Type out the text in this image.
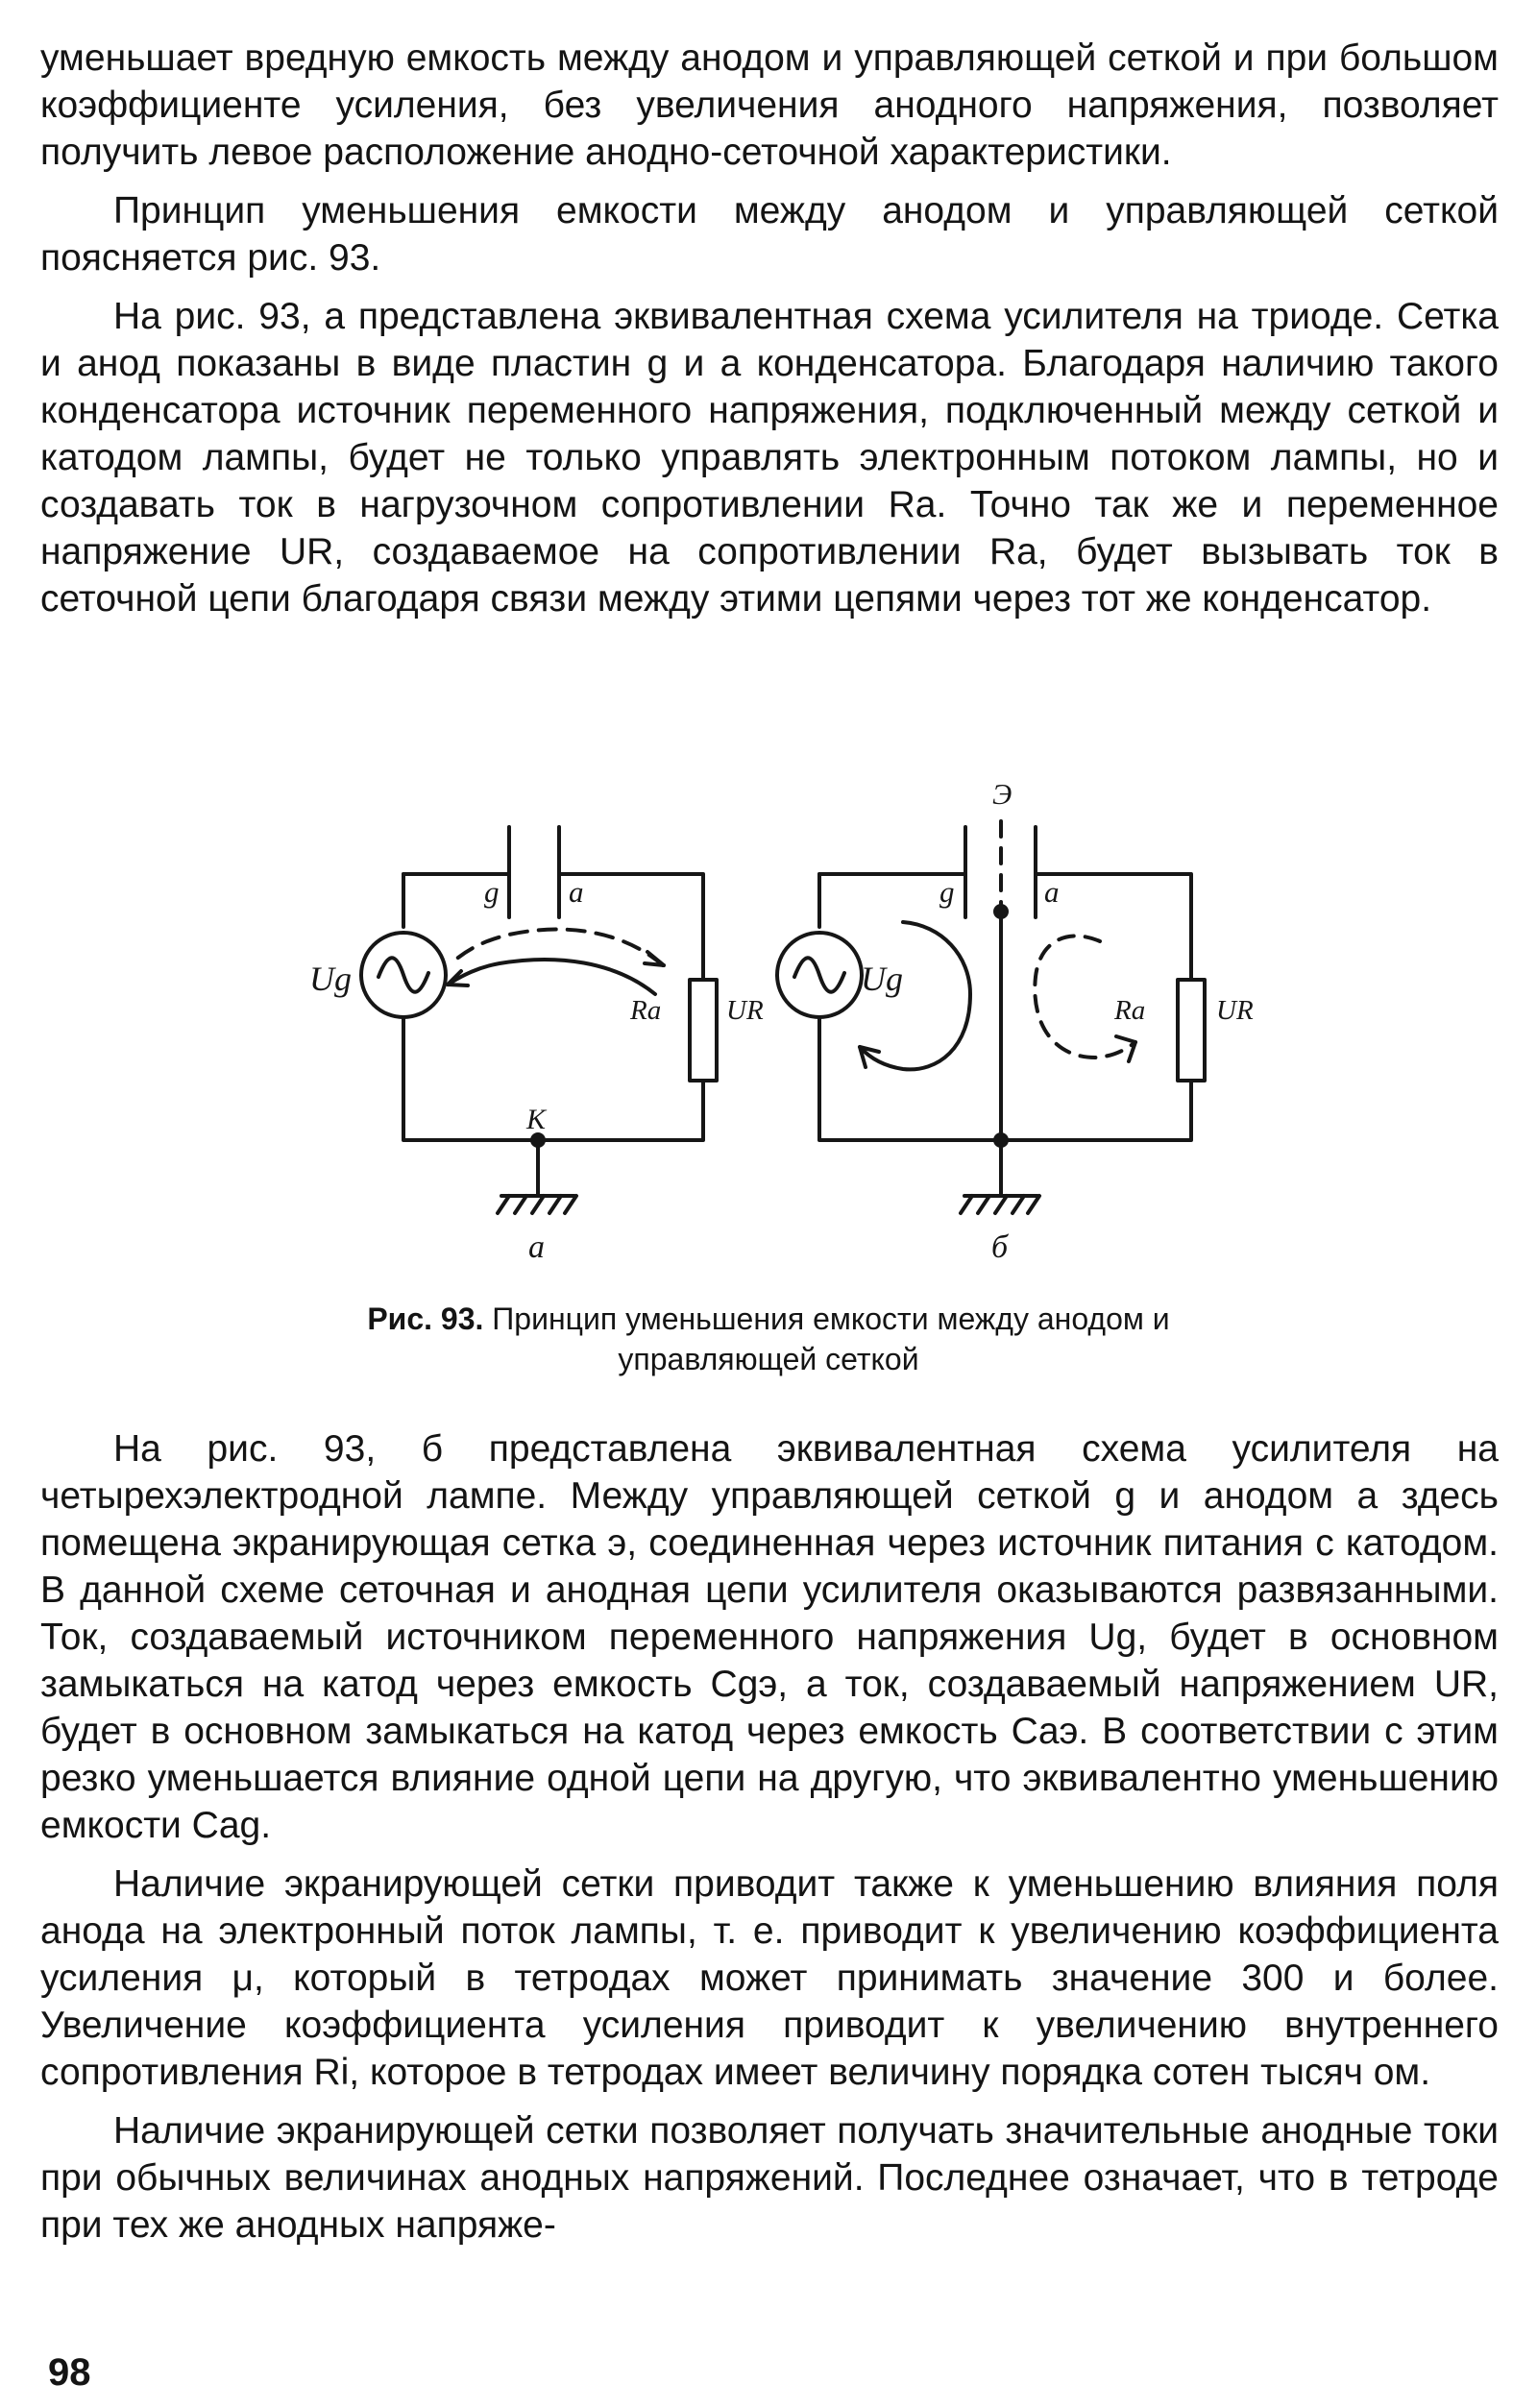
уменьшает вредную емкость между анодом и управляющей сеткой и при большом коэффициенте усиления, без увеличения анодного напряжения, позволяет получить левое расположение анодно-сеточной характеристики.

Принцип уменьшения емкости между анодом и управляющей сеткой поясняется рис. 93.

На рис. 93, а представлена эквивалентная схема усилителя на триоде. Сетка и анод показаны в виде пластин g и a конденсатора. Благодаря наличию такого конденсатора источник переменного напряжения, подключенный между сеткой и катодом лампы, будет не только управлять электронным потоком лампы, но и создавать ток в нагрузочном сопротивлении Ra. Точно так же и переменное напряжение UR, создаваемое на сопротивлении Ra, будет вызывать ток в сеточной цепи благодаря связи между этими цепями через тот же конденсатор.

g a
Ug
Ra UR
K
а
Э
g	a
Ug
Ra	UR
б
Рис. 93. Принцип уменьшения емкости между анодом и управляющей сеткой

На рис. 93, б представлена эквивалентная схема усилителя на четырехэлектродной лампе. Между управляющей сеткой g и анодом a здесь помещена экранирующая сетка э, соединенная через источник питания с катодом. В данной схеме сеточная и анодная цепи усилителя оказываются развязанными. Ток, создаваемый источником переменного напряжения Ug, будет в основном замыкаться на катод через емкость Cgэ, а ток, создаваемый напряжением UR, будет в основном замыкаться на катод через емкость Caэ. В соответствии с этим резко уменьшается влияние одной цепи на другую, что эквивалентно уменьшению емкости Cag.

Наличие экранирующей сетки приводит также к уменьшению влияния поля анода на электронный поток лампы, т. е. приводит к увеличению коэффициента усиления μ, который в тетродах может принимать значение 300 и более. Увеличение коэффициента усиления приводит к увеличению внутреннего сопротивления Ri, которое в тетродах имеет величину порядка сотен тысяч ом.

Наличие экранирующей сетки позволяет получать значительные анодные токи при обычных величинах анодных напряжений. Последнее означает, что в тетроде при тех же анодных напряже-

98
